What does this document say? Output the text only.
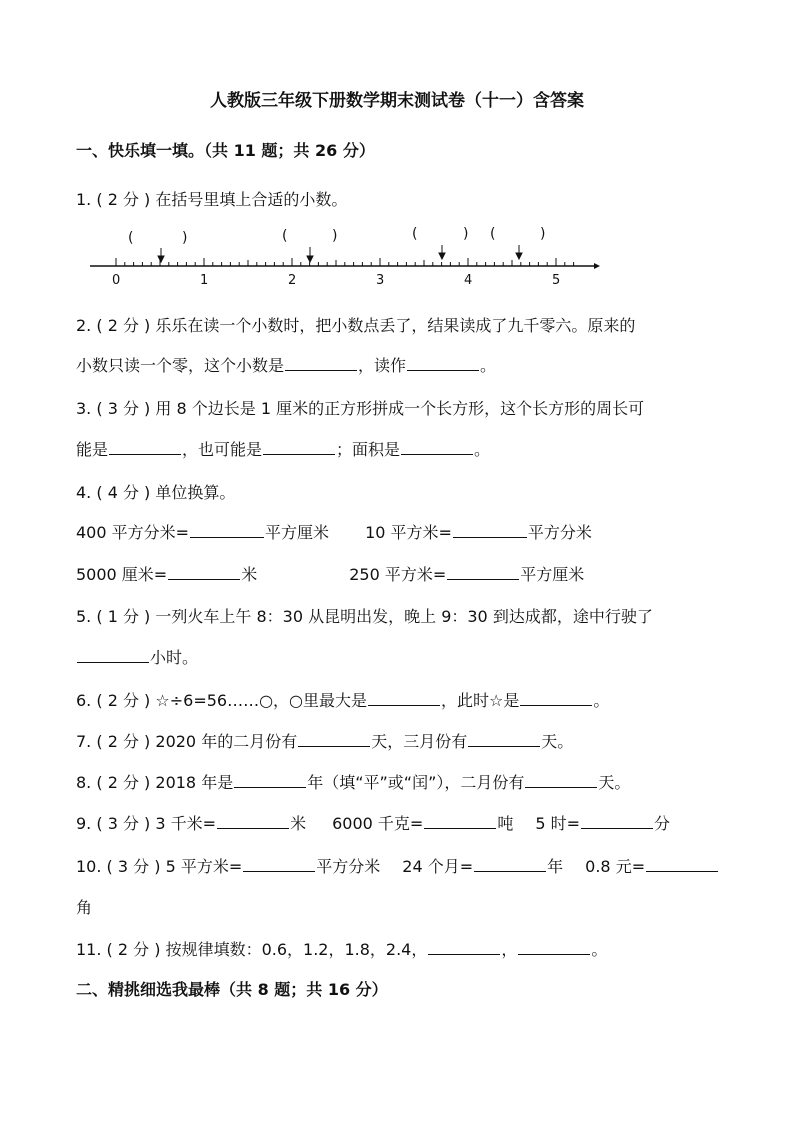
人教版三年级下册数学期末测试卷（十一）含答案
一、快乐填一填。（共 11 题；共 26 分）
1. ( 2 分 ) 在括号里填上合适的小数。
(	)	(	)	(	) (	)
0	1	2	3	4	5
2. ( 2 分 ) 乐乐在读一个小数时，把小数点丢了，结果读成了九千零六。原来的
小数只读一个零，这个小数是	，读作	。
3. ( 3 分 ) 用 8 个边长是 1 厘米的正方形拼成一个长方形，这个长方形的周长可
能是	，也可能是	；面积是	。
4. ( 4 分 ) 单位换算。
400 平方分米=	平方厘米 10 平方米=	平方分米
5000 厘米=	米	250 平方米=	平方厘米
5. ( 1 分 ) 一列火车上午 8：30 从昆明出发，晚上 9：30 到达成都，途中行驶了
小时。
6. ( 2 分 ) ☆÷6=56……○，○里最大是	，此时☆是	。
7. ( 2 分 ) 2020 年的二月份有	天，三月份有	天。
8. ( 2 分 ) 2018 年是	年（填“平”或“闰”），二月份有	天。
9. ( 3 分 ) 3 千米=	米 6000 千克=	吨 5 时=	分
10. ( 3 分 ) 5 平方米=	平方分米 24 个月=	年 0.8 元=
角
11. ( 2 分 ) 按规律填数：0.6，1.2，1.8，2.4，	，	。
二、精挑细选我最棒（共 8 题；共 16 分）
